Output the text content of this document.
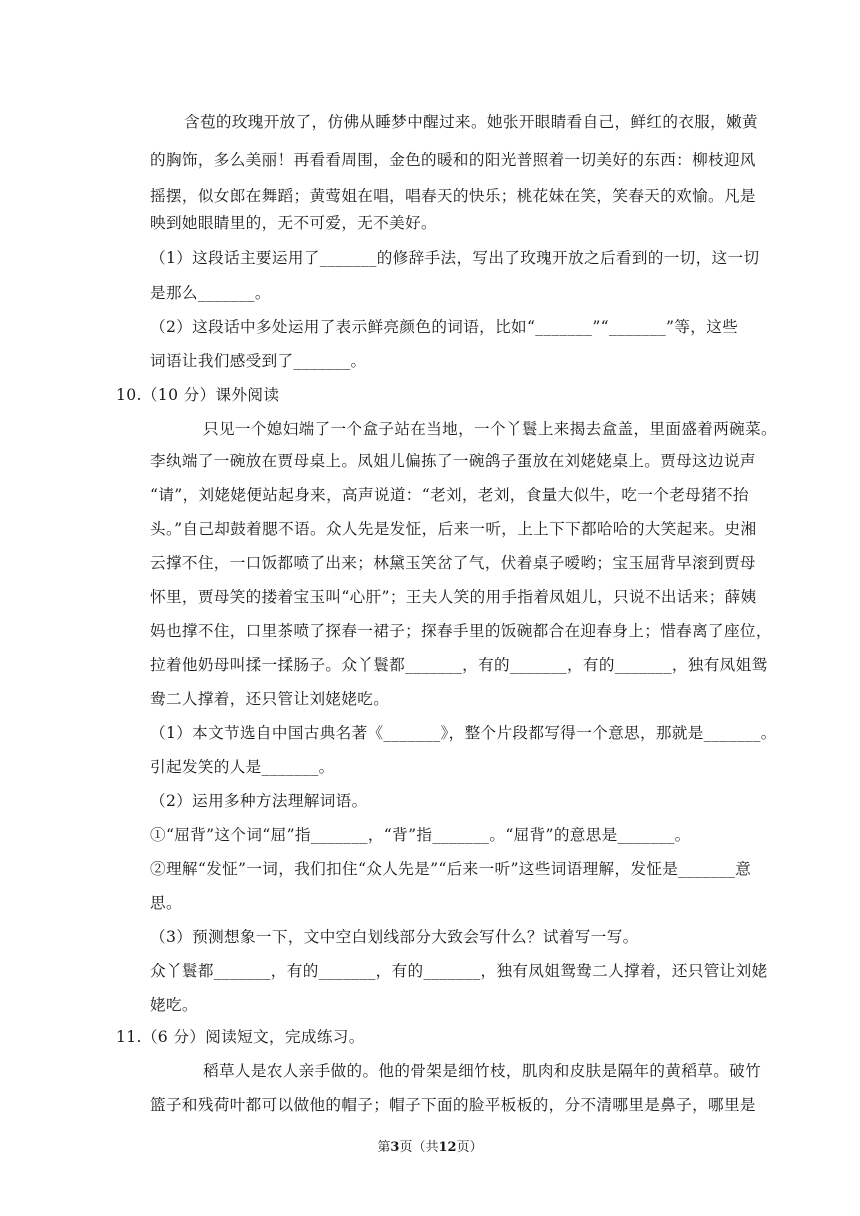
含苞的玫瑰开放了，仿佛从睡梦中醒过来。她张开眼睛看自己，鲜红的衣服，嫩黄
的胸饰，多么美丽！再看看周围，金色的暖和的阳光普照着一切美好的东西：柳枝迎风
摇摆，似女郎在舞蹈；黄莺姐在唱，唱春天的快乐；桃花妹在笑，笑春天的欢愉。凡是
映到她眼睛里的，无不可爱，无不美好。
（1）这段话主要运用了_______的修辞手法，写出了玫瑰开放之后看到的一切，这一切
是那么_______。
（2）这段话中多处运用了表示鲜亮颜色的词语，比如“_______”“_______”等，这些
词语让我们感受到了_______。
10.（10 分）课外阅读
只见一个媳妇端了一个盒子站在当地，一个丫鬟上来揭去盒盖，里面盛着两碗菜。
李纨端了一碗放在贾母桌上。凤姐儿偏拣了一碗鸽子蛋放在刘姥姥桌上。贾母这边说声
“请”，刘姥姥便站起身来，高声说道：“老刘，老刘，食量大似牛，吃一个老母猪不抬
头。”自己却鼓着腮不语。众人先是发怔，后来一听，上上下下都哈哈的大笑起来。史湘
云撑不住，一口饭都喷了出来；林黛玉笑岔了气，伏着桌子嗳哟；宝玉屈背早滚到贾母
怀里，贾母笑的搂着宝玉叫“心肝”；王夫人笑的用手指着凤姐儿，只说不出话来；薛姨
妈也撑不住，口里茶喷了探春一裙子；探春手里的饭碗都合在迎春身上；惜春离了座位，
拉着他奶母叫揉一揉肠子。众丫鬟都_______，有的_______，有的_______，独有凤姐鸳
鸯二人撑着，还只管让刘姥姥吃。
（1）本文节选自中国古典名著《_______》，整个片段都写得一个意思，那就是_______。
引起发笑的人是_______。
（2）运用多种方法理解词语。
①“屈背”这个词“屈”指_______，“背”指_______。“屈背”的意思是_______。
②理解“发怔”一词，我们扣住“众人先是”“后来一听”这些词语理解，发怔是_______意
思。
（3）预测想象一下，文中空白划线部分大致会写什么？试着写一写。
众丫鬟都_______，有的_______，有的_______，独有凤姐鸳鸯二人撑着，还只管让刘姥
姥吃。
11.（6 分）阅读短文，完成练习。
稻草人是农人亲手做的。他的骨架是细竹枝，肌肉和皮肤是隔年的黄稻草。破竹
篮子和残荷叶都可以做他的帽子；帽子下面的脸平板板的，分不清哪里是鼻子，哪里是
第3页（共12页）
